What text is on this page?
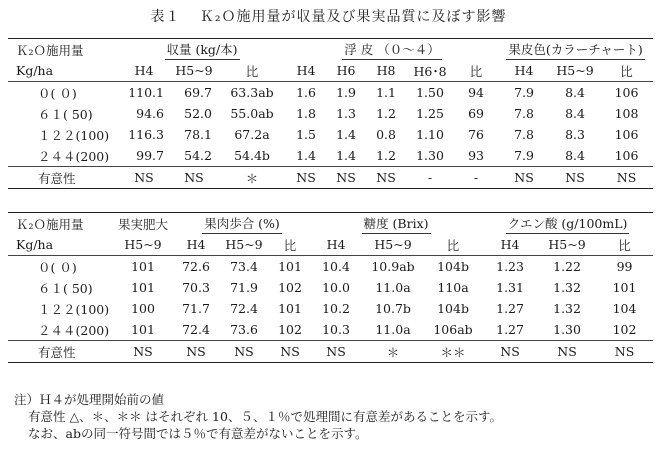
表１ Ｋ₂Ｏ施用量が収量及び果実品質に及ぼす影響
Ｋ₂Ｏ施用量	収量 (kg/本)			浮 皮 （０〜４）					果皮色(カラーチャート)		
Kg/ha	H4	H5~9	比	H4	H6	H8	H6･8	比	H4	H5~9	比
０( ０)	110.1	69.7	63.3ab	1.6	1.9	1.1	1.50	94	7.9	8.4	106
６１( 50)	94.6	52.0	55.0ab	1.8	1.3	1.2	1.25	69	7.8	8.4	108
１２２(100)	116.3	78.1	67.2a	1.5	1.4	0.8	1.10	76	7.8	8.3	106
２４４(200)	99.7	54.2	54.4b	1.4	1.4	1.2	1.30	93	7.9	8.4	106
有意性	NS	NS	＊	NS	NS	NS	-	-	NS	NS	NS
Ｋ₂Ｏ施用量	果実肥大	果肉歩合 (%)			糖度 (Brix)			クエン酸 (g/100mL)		
Kg/ha	H5~9	H4	H5~9	比	H4	H5~9	比	H4	H5~9	比
０( ０)	101	72.6	73.4	101	10.4	10.9ab	104b	1.23	1.22	99
６１( 50)	101	70.3	71.9	102	10.0	11.0a	110a	1.31	1.32	101
１２２(100)	100	71.7	72.4	101	10.2	10.7b	104b	1.27	1.32	104
２４４(200)	101	72.4	73.6	102	10.3	11.0a	106ab	1.27	1.30	102
有意性	NS	NS	NS	NS	NS	＊	＊＊	NS	NS	NS
注）Ｈ４が処理開始前の値
有意性 △、＊、＊＊ はそれぞれ 10、５、１％で処理間に有意差があることを示す。
なお、abの同一符号間では５％で有意差がないことを示す。
